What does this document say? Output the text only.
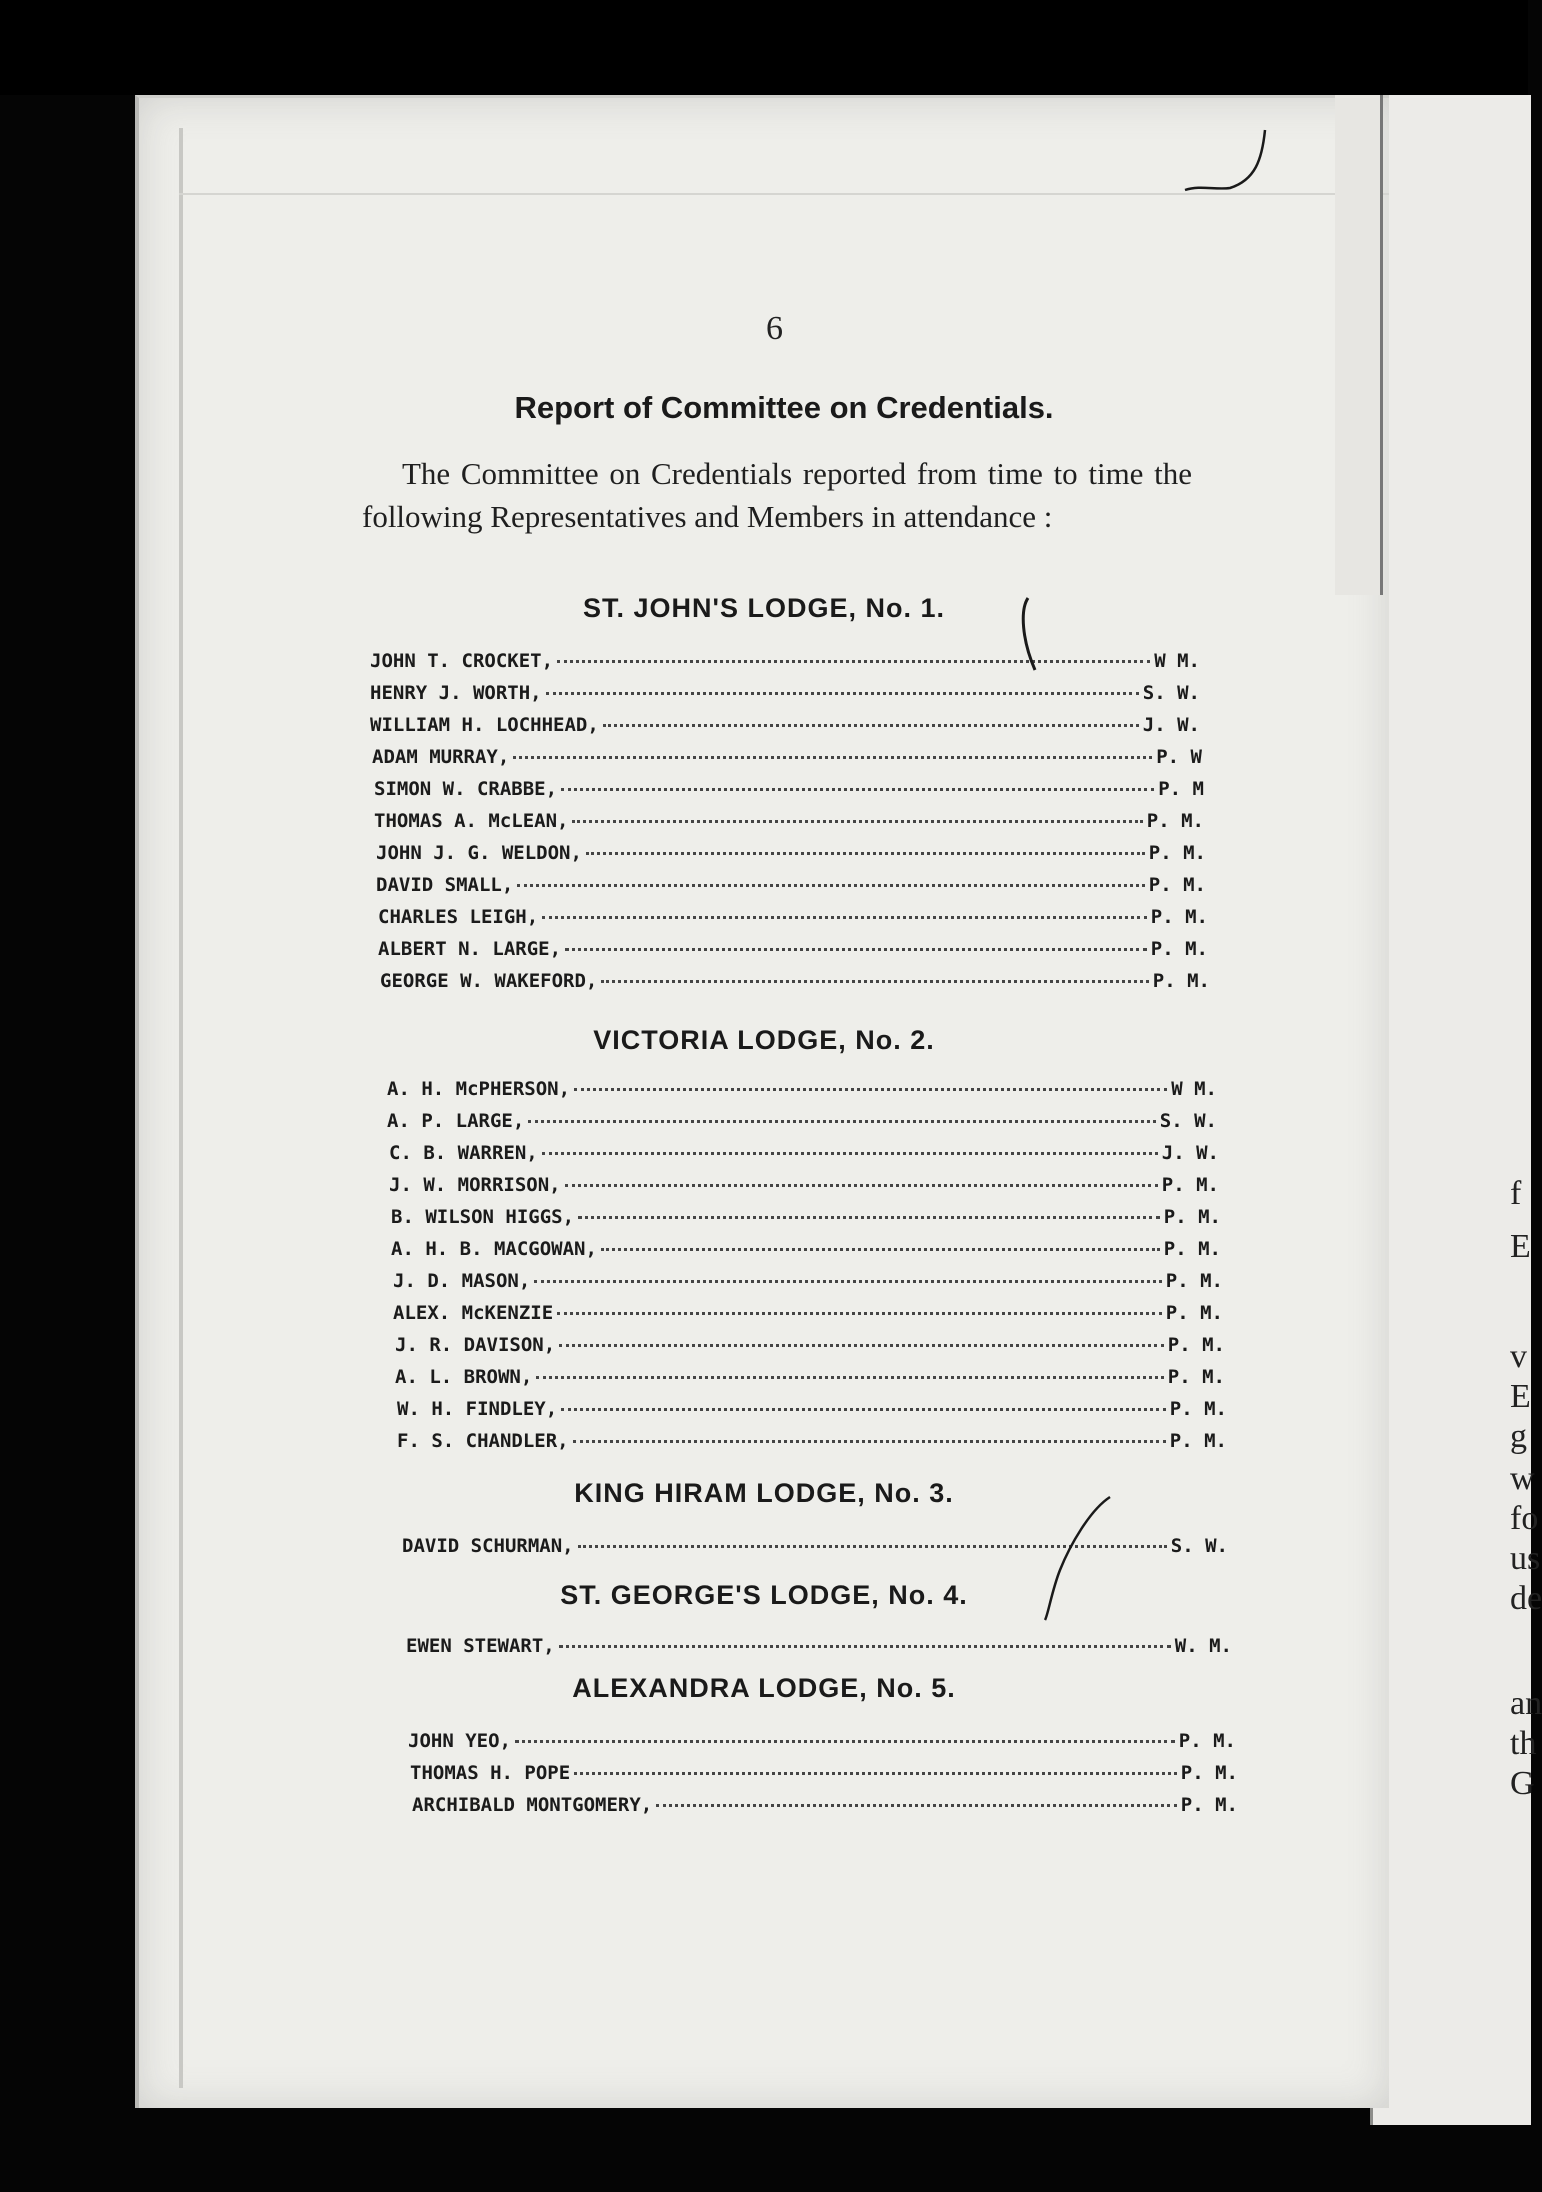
f
E
v
E
g
w
fo
us
de
an
th
G
6
Report of Committee on Credentials.
The Committee on Credentials reported from time to time the following Representatives and Members in attendance :
ST. JOHN'S LODGE, No. 1.
JOHN T. CROCKET,	W M.
HENRY J. WORTH,	S. W.
WILLIAM H. LOCHHEAD,	J. W.
ADAM MURRAY,	P. W
SIMON W. CRABBE,	P. M
THOMAS A. McLEAN,	P. M.
JOHN J. G. WELDON,	P. M.
DAVID SMALL,	P. M.
CHARLES LEIGH,	P. M.
ALBERT N. LARGE,	P. M.
GEORGE W. WAKEFORD,	P. M.
VICTORIA LODGE, No. 2.
A. H. McPHERSON,	W M.
A. P. LARGE,	S. W.
C. B. WARREN,	J. W.
J. W. MORRISON,	P. M.
B. WILSON HIGGS,	P. M.
A. H. B. MACGOWAN,	P. M.
J. D. MASON,	P. M.
ALEX. McKENZIE	P. M.
J. R. DAVISON,	P. M.
A. L. BROWN,	P. M.
W. H. FINDLEY,	P. M.
F. S. CHANDLER,	P. M.
KING HIRAM LODGE, No. 3.
DAVID SCHURMAN,	S. W.
ST. GEORGE'S LODGE, No. 4.
EWEN STEWART,	W. M.
ALEXANDRA LODGE, No. 5.
JOHN YEO,	P. M.
THOMAS H. POPE	P. M.
ARCHIBALD MONTGOMERY,	P. M.
